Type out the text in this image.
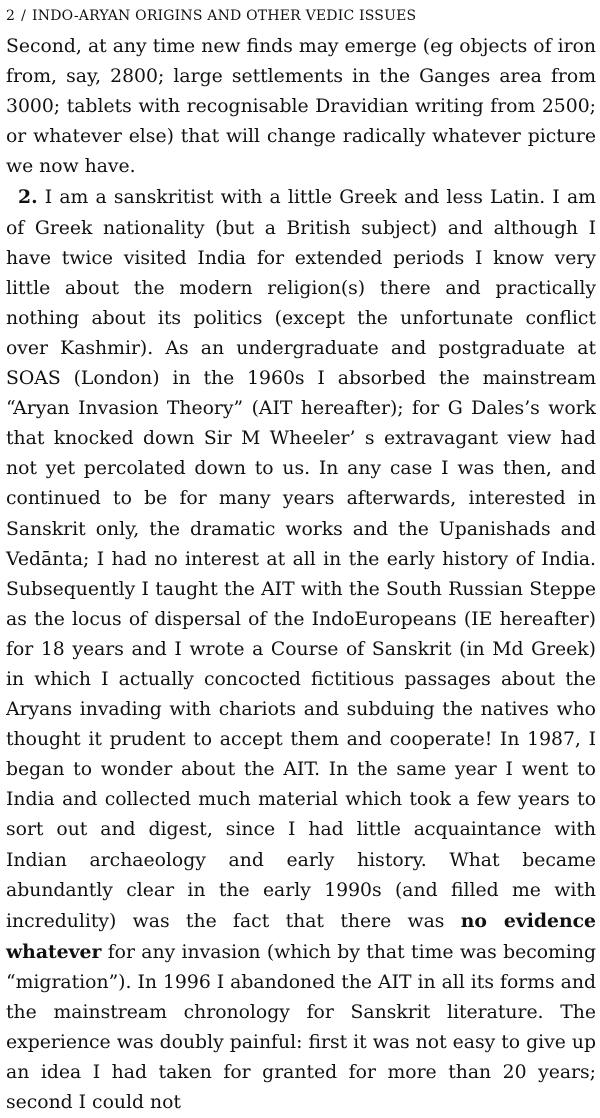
2 / INDO-ARYAN ORIGINS AND OTHER VEDIC ISSUES

Second, at any time new finds may emerge (eg objects of iron from, say, 2800; large settlements in the Ganges area from 3000; tablets with recognisable Dravidian writing from 2500; or whatever else) that will change radically whatever picture we now have.

2. I am a sanskritist with a little Greek and less Latin. I am of Greek nationality (but a British subject) and although I have twice visited India for extended periods I know very little about the modern religion(s) there and practically nothing about its politics (except the unfortunate conflict over Kashmir). As an undergraduate and postgraduate at SOAS (London) in the 1960s I absorbed the mainstream “Aryan Invasion Theory” (AIT hereafter); for G Dales’s work that knocked down Sir M Wheeler’ s extravagant view had not yet percolated down to us. In any case I was then, and continued to be for many years afterwards, interested in Sanskrit only, the dramatic works and the Upanishads and Vedānta; I had no interest at all in the early history of India. Subsequently I taught the AIT with the South Russian Steppe as the locus of dispersal of the IndoEuropeans (IE hereafter) for 18 years and I wrote a Course of Sanskrit (in Md Greek) in which I actually concocted fictitious passages about the Aryans invading with chariots and subduing the natives who thought it prudent to accept them and cooperate! In 1987, I began to wonder about the AIT. In the same year I went to India and collected much material which took a few years to sort out and digest, since I had little acquaintance with Indian archaeology and early history. What became abundantly clear in the early 1990s (and filled me with incredulity) was the fact that there was no evidence whatever for any invasion (which by that time was becoming “migration”). In 1996 I abandoned the AIT in all its forms and the mainstream chronology for Sanskrit literature. The experience was doubly painful: first it was not easy to give up an idea I had taken for granted for more than 20 years; second I could not
